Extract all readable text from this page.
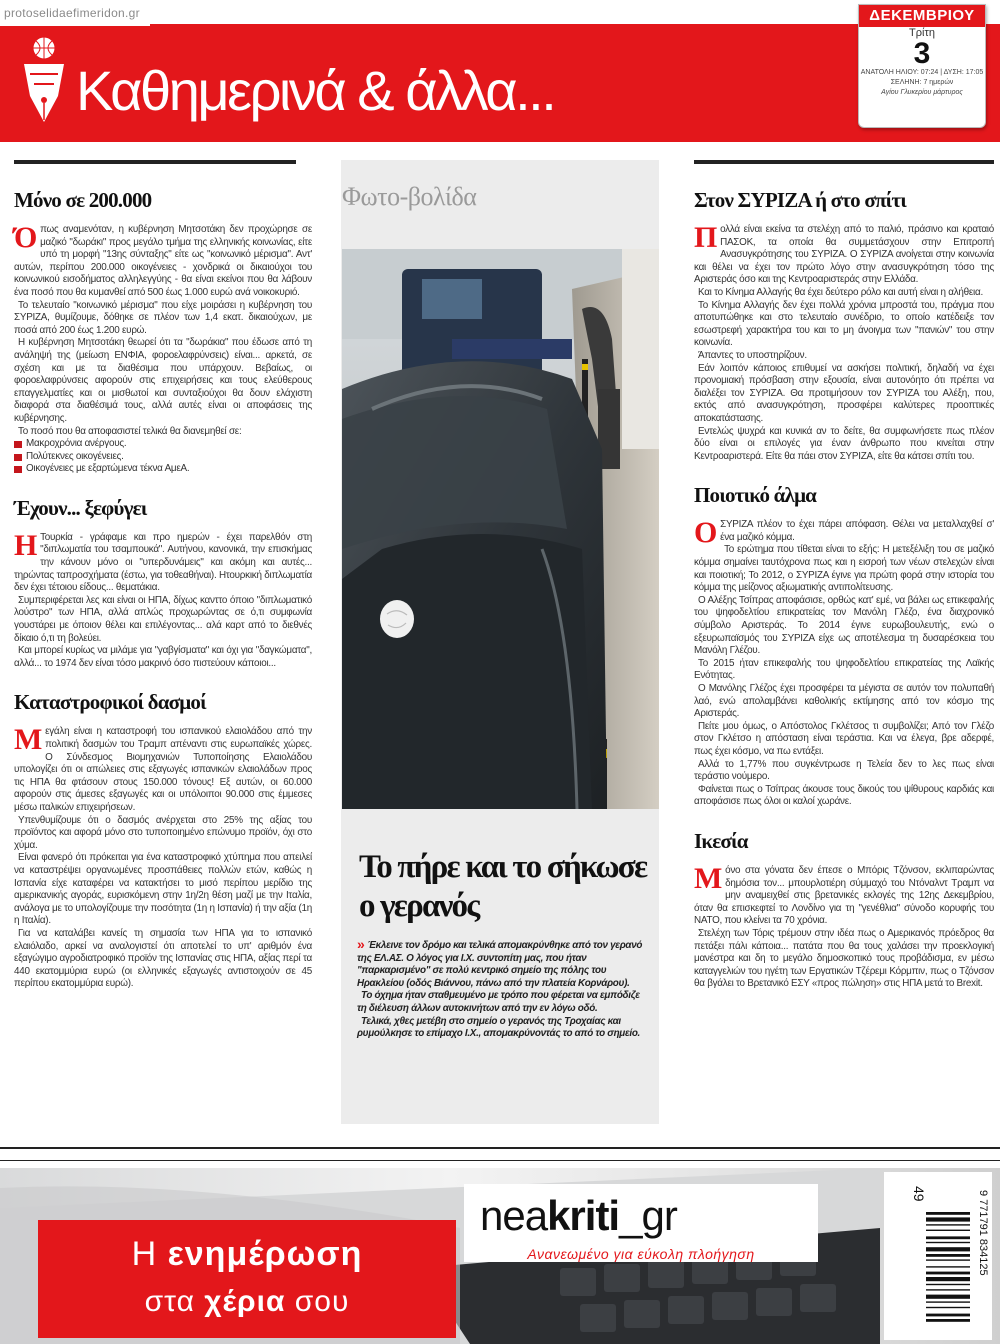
protoselidaefimeridon.gr
Καθημερινά & άλλα...
ΔΕΚΕΜΒΡΙΟΥ
Τρίτη
3
ΑΝΑΤΟΛΗ ΗΛΙΟΥ: 07:24 | ΔΥΣΗ: 17:05
ΣΕΛΗΝΗ: 7 ημερών
Αγίου Γλυκερίου μάρτυρος
Μόνο σε 200.000

Όπως αναμενόταν, η κυβέρνηση Μητσοτάκη δεν προχώρησε σε μαζικό "δωράκι" προς μεγάλο τμήμα της ελληνικής κοινωνίας, είτε υπό τη μορφή "13ης σύνταξης" είτε ως "κοινωνικό μέρισμα". Αντ' αυτών, περίπου 200.000 οικογένειες - χονδρικά οι δικαιούχοι του κοινωνικού εισοδήματος αλληλεγγύης - θα είναι εκείνοι που θα λάβουν ένα ποσό που θα κυμανθεί από 500 έως 1.000 ευρώ ανά νοικοκυριό.

Το τελευταίο "κοινωνικό μέρισμα" που είχε μοιράσει η κυβέρνηση του ΣΥΡΙΖΑ, θυμίζουμε, δόθηκε σε πλέον των 1,4 εκατ. δικαιούχων, με ποσά από 200 έως 1.200 ευρώ.

Η κυβέρνηση Μητσοτάκη θεωρεί ότι τα "δωράκια" που έδωσε από τη ανάληψή της (μείωση ΕΝΦΙΑ, φοροελαφρύνσεις) είναι... αρκετά, σε σχέση και με τα διαθέσιμα που υπάρχουν. Βεβαίως, οι φοροελαφρύνσεις αφορούν στις επιχειρήσεις και τους ελεύθερους επαγγελματίες και οι μισθωτοί και συνταξιούχοι θα δουν ελάχιστη διαφορά στα διαθέσιμά τους, αλλά αυτές είναι οι αποφάσεις της κυβέρνησης.

Το ποσό που θα αποφασιστεί τελικά θα διανεμηθεί σε:

Μακροχρόνια ανέργους.
Πολύτεκνες οικογένειες.
Οικογένειες με εξαρτώμενα τέκνα ΑμεΑ.
Έχουν... ξεφύγει

Η Τουρκία - γράφαμε και προ ημερών - έχει παρελθόν στη "διπλωματία του τσαμπουκά". Αυτήνου, κανονικά, την επισκήμας την κάνουν μόνο οι "υπερδυνάμεις" και ακόμη και αυτές... τηρώντας ταπροσχήματα (έστω, για τοθεαθήναι). Ητουρκική διπλωματία δεν έχει τέτοιου είδους... θεματάκια.

Συμπεριφέρεται λες και είναι οι ΗΠΑ, δίχως κανττο όποιο "διπλωματικό λούστρο" των ΗΠΑ, αλλά απλώς προχωρώντας σε ό,τι συμφωνία γουστάρει με όποιον θέλει και επιλέγοντας... αλά καρτ από το διεθνές δίκαιο ό,τι τη βολεύει.

Και μπορεί κυρίως να μιλάμε για "γαβγίσματα" και όχι για "δαγκώματα", αλλά... το 1974 δεν είναι τόσο μακρινό όσο πιστεύουν κάποιοι...

Καταστροφικοί δασμοί

Μεγάλη είναι η καταστροφή του ισπανικού ελαιολάδου από την πολιτική δασμών του Τραμπ απέναντι στις ευρωπαϊκές χώρες. Ο Σύνδεσμος Βιομηχανιών Τυποποίησης Ελαιολάδου υπολογίζει ότι οι απώλειες στις εξαγωγές ισπανικών ελαιολάδων προς τις ΗΠΑ θα φτάσουν στους 150.000 τόνους! Εξ αυτών, οι 60.000 αφορούν στις άμεσες εξαγωγές και οι υπόλοιποι 90.000 στις έμμεσες μέσω ιταλικών επιχειρήσεων.

Υπενθυμίζουμε ότι ο δασμός ανέρχεται στο 25% της αξίας του προϊόντος και αφορά μόνο στο τυποποιημένο επώνυμο προϊόν, όχι στο χύμα.

Είναι φανερό ότι πρόκειται για ένα καταστροφικό χτύπημα που απειλεί να καταστρέψει οργανωμένες προσπάθειες πολλών ετών, καθώς η Ισπανία είχε καταφέρει να κατακτήσει το μισό περίπου μερίδιο της αμερικανικής αγοράς, ευρισκόμενη στην 1η/2η θέση μαζί με την Ιταλία, ανάλογα με το υπολογίζουμε την ποσότητα (1η η Ισπανία) ή την αξία (1η η Ιταλία).

Για να καταλάβει κανείς τη σημασία των ΗΠΑ για το ισπανικό ελαιόλαδο, αρκεί να αναλογιστεί ότι αποτελεί το υπ' αριθμόν ένα εξαγώγιμο αγροδιατροφικό προϊόν της Ισπανίας στις ΗΠΑ, αξίας περί τα 440 εκατομμύρια ευρώ (οι ελληνικές εξαγωγές αντιστοιχούν σε 45 περίπου εκατομμύρια ευρώ).

Φωτο-βολίδα
Το πήρε και το σήκωσε ο γερανός

» Έκλεινε τον δρόμο και τελικά απομακρύνθηκε από τον γερανό της ΕΛ.ΑΣ. Ο λόγος για Ι.Χ. συντοπίτη μας, που ήταν "παρκαρισμένο" σε πολύ κεντρικό σημείο της πόλης του Ηρακλείου (οδός Βιάννου, πάνω από την πλατεία Κορνάρου).

Το όχημα ήταν σταθμευμένο με τρόπο που φέρεται να εμπόδιζε τη διέλευση άλλων αυτοκινήτων από την εν λόγω οδό.

Τελικά, χθες μετέβη στο σημείο ο γερανός της Τροχαίας και ρυμούλκησε το επίμαχο Ι.Χ., απομακρύνοντάς το από το σημείο.

Στον ΣΥΡΙΖΑ ή στο σπίτι

Πολλά είναι εκείνα τα στελέχη από το παλιό, πράσινο και κραταιό ΠΑΣΟΚ, τα οποία θα συμμετάσχουν στην Επιτροπή Ανασυγκρότησης του ΣΥΡΙΖΑ. Ο ΣΥΡΙΖΑ ανοίγεται στην κοινωνία και θέλει να έχει τον πρώτο λόγο στην ανασυγκρότηση τόσο της Αριστεράς όσο και της Κεντροαριστεράς στην Ελλάδα.

Και το Κίνημα Αλλαγής θα έχει δεύτερο ρόλο και αυτή είναι η αλήθεια.

Το Κίνημα Αλλαγής δεν έχει πολλά χρόνια μπροστά του, πράγμα που αποτυπώθηκε και στο τελευταίο συνέδριο, το οποίο κατέδειξε τον εσωστρεφή χαρακτήρα του και το μη άνοιγμα των "πανιών" του στην κοινωνία.

Άπαντες το υποστηρίζουν.

Εάν λοιπόν κάποιος επιθυμεί να ασκήσει πολιτική, δηλαδή να έχει προνομιακή πρόσβαση στην εξουσία, είναι αυτονόητο ότι πρέπει να διαλέξει τον ΣΥΡΙΖΑ. Θα προτιμήσουν τον ΣΥΡΙΖΑ του Αλέξη, που, εκτός από ανασυγκρότηση, προσφέρει καλύτερες προοπτικές αποκατάστασης.

Εντελώς ψυχρά και κυνικά αν το δείτε, θα συμφωνήσετε πως πλέον δύο είναι οι επιλογές για έναν άνθρωπο που κινείται στην Κεντροαριστερά. Είτε θα πάει στον ΣΥΡΙΖΑ, είτε θα κάτσει σπίτι του.

Ποιοτικό άλμα

ΟΣΥΡΙΖΑ πλέον το έχει πάρει απόφαση. Θέλει να μεταλλαχθεί σ' ένα μαζικό κόμμα.

Το ερώτημα που τίθεται είναι το εξής: Η μετεξέλιξη του σε μαζικό κόμμα σημαίνει ταυτόχρονα πως και η εισροή των νέων στελεχών είναι και ποιοτική; Το 2012, ο ΣΥΡΙΖΑ έγινε για πρώτη φορά στην ιστορία του κόμμα της μείζονος αξιωματικής αντιπολίτευσης.

Ο Αλέξης Τσίπρας αποφάσισε, ορθώς κατ' εμέ, να βάλει ως επικεφαλής του ψηφοδελτίου επικρατείας τον Μανόλη Γλέζο, ένα διαχρονικό σύμβολο Αριστεράς. Το 2014 έγινε ευρωβουλευτής, ενώ ο εξευρωπαϊσμός του ΣΥΡΙΖΑ είχε ως αποτέλεσμα τη δυσαρέσκεια του Μανόλη Γλέζου.

Το 2015 ήταν επικεφαλής του ψηφοδελτίου επικρατείας της Λαϊκής Ενότητας.

Ο Μανόλης Γλέζος έχει προσφέρει τα μέγιστα σε αυτόν τον πολυπαθή λαό, ενώ απολαμβάνει καθολικής εκτίμησης από τον κόσμο της Αριστεράς.

Πείτε μου όμως, ο Απόστολος Γκλέτσος τι συμβολίζει; Από τον Γλέζο στον Γκλέτσο η απόσταση είναι τεράστια. Και να έλεγα, βρε αδερφέ, πως έχει κόσμο, να πω εντάξει.

Αλλά το 1,77% που συγκέντρωσε η Τελεία δεν το λες πως είναι τεράστιο νούμερο.

Φαίνεται πως ο Τσίπρας άκουσε τους δικούς του ψίθυρους καρδιάς και αποφάσισε πως όλοι οι καλοί χωράνε.

Ικεσία

Μόνο στα γόνατα δεν έπεσε ο Μπόρις Τζόνσον, εκλιπαρώντας δημόσια τον... μπουρλοτιέρη σύμμαχό του Ντόναλντ Τραμπ να μην αναμειχθεί στις βρετανικές εκλογές της 12ης Δεκεμβρίου, όταν θα επισκεφτεί το Λονδίνο για τη "γενέθλια" σύνοδο κορυφής του ΝΑΤΟ, που κλείνει τα 70 χρόνια.

Στελέχη των Τόρις τρέμουν στην ιδέα πως ο Αμερικανός πρόεδρος θα πετάξει πάλι κάποια... πατάτα που θα τους χαλάσει την προεκλογική μανέστρα και δη το μεγάλο δημοσκοπικό τους προβάδισμα, εν μέσω καταγγελιών του ηγέτη των Εργατικών Τζέρεμι Κόρμπιν, πως ο Τζόνσον θα βγάλει το Βρετανικό ΕΣΥ «προς πώληση» στις ΗΠΑ μετά το Brexit.

Η ενημέρωση
στα χέρια σου
neakriti_gr
Ανανεωμένο για εύκολη πλοήγηση
49	9 771791 834125
